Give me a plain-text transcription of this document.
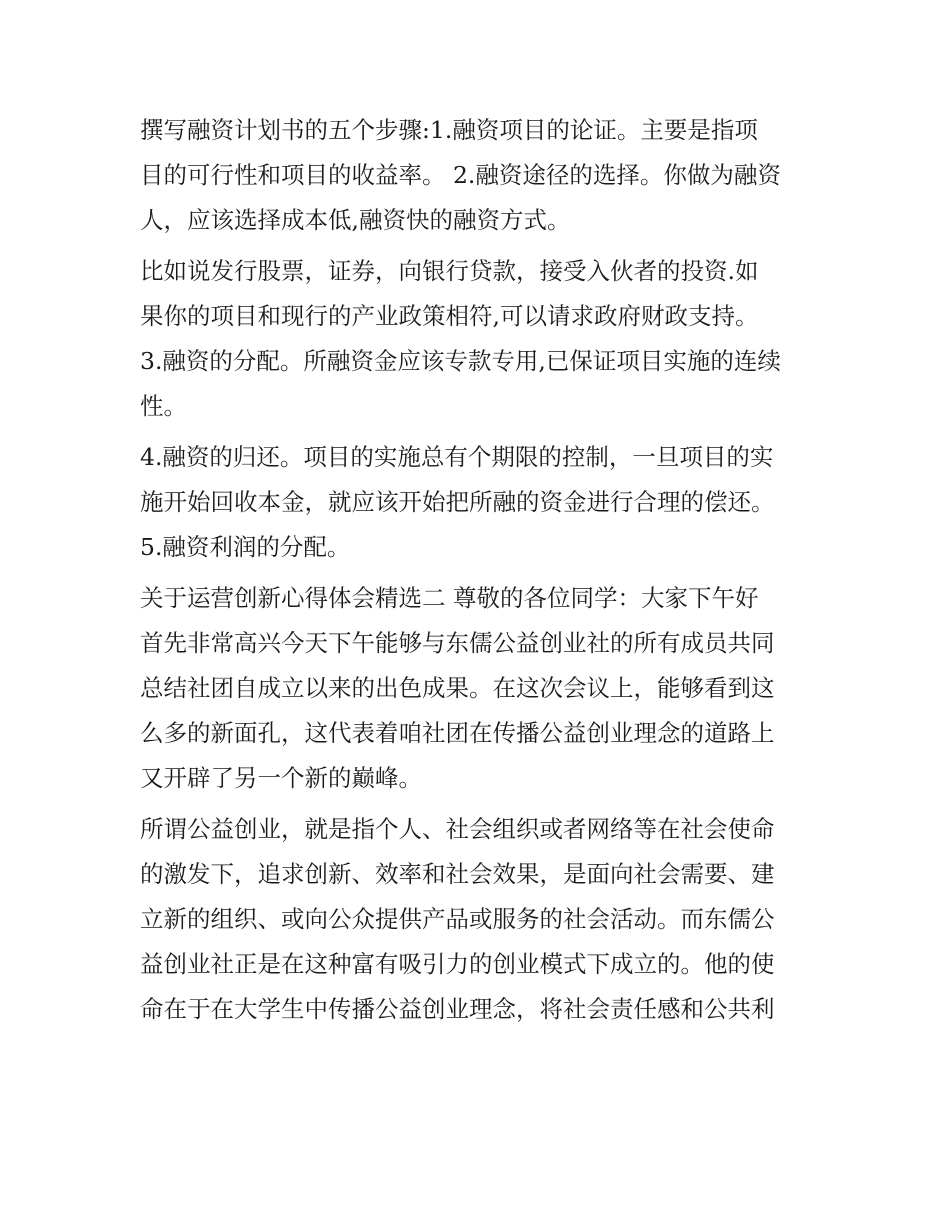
撰写融资计划书的五个步骤:1.融资项目的论证。主要是指项
目的可行性和项目的收益率。 2.融资途径的选择。你做为融资
人，应该选择成本低,融资快的融资方式。
比如说发行股票，证券，向银行贷款，接受入伙者的投资.如
果你的项目和现行的产业政策相符,可以请求政府财政支持。
3.融资的分配。所融资金应该专款专用,已保证项目实施的连续
性。
4.融资的归还。项目的实施总有个期限的控制，一旦项目的实
施开始回收本金，就应该开始把所融的资金进行合理的偿还。
5.融资利润的分配。
关于运营创新心得体会精选二 尊敬的各位同学：大家下午好
首先非常高兴今天下午能够与东儒公益创业社的所有成员共同
总结社团自成立以来的出色成果。在这次会议上，能够看到这
么多的新面孔，这代表着咱社团在传播公益创业理念的道路上
又开辟了另一个新的巅峰。
所谓公益创业，就是指个人、社会组织或者网络等在社会使命
的激发下，追求创新、效率和社会效果，是面向社会需要、建
立新的组织、或向公众提供产品或服务的社会活动。而东儒公
益创业社正是在这种富有吸引力的创业模式下成立的。他的使
命在于在大学生中传播公益创业理念，将社会责任感和公共利
